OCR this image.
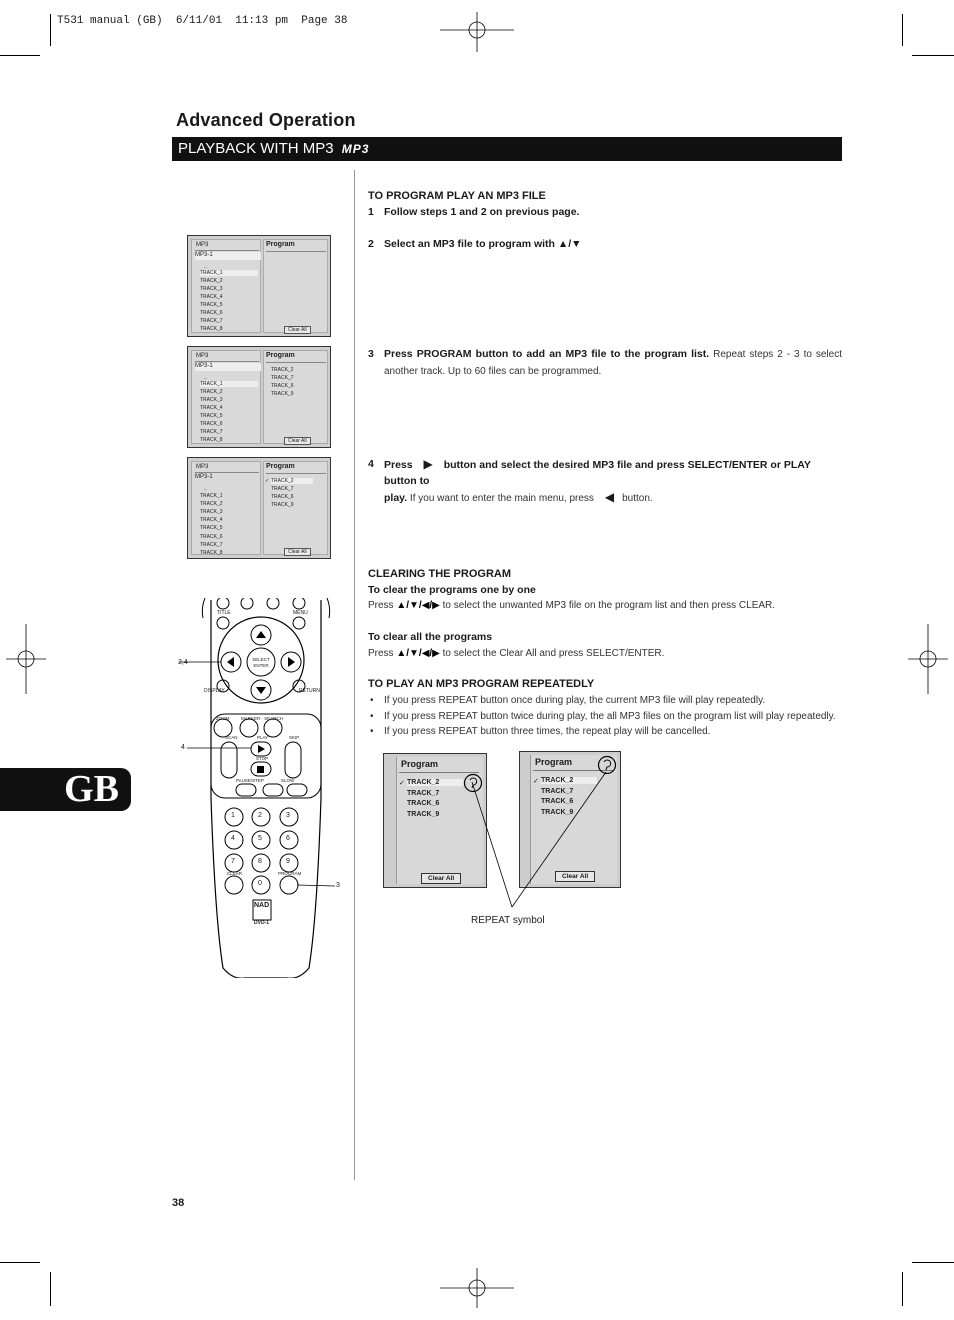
T531 manual (GB)  6/11/01  11:13 pm  Page 38
Advanced Operation
PLAYBACK WITH MP3 MP3
MP3
MP3-1
..
TRACK_1
TRACK_2
TRACK_3
TRACK_4
TRACK_5
TRACK_6
TRACK_7
TRACK_8
Program
Clear All
MP3
MP3-1
..
TRACK_1
TRACK_2
TRACK_3
TRACK_4
TRACK_5
TRACK_6
TRACK_7
TRACK_8
Program
TRACK_2
TRACK_7
TRACK_6
TRACK_9
Clear All
MP3
MP3-1
..
TRACK_1
TRACK_2
TRACK_3
TRACK_4
TRACK_5
TRACK_6
TRACK_7
TRACK_8
Program
✓ TRACK_2
TRACK_7
TRACK_6
TRACK_9
Clear All
TITLE	MENU
SELECT ENTER
DISPLAY	RETURN
ZOOM	MARKER - SEARCH
SCAN	PLAY	SKIP
STOP
PAUSE/STEP	SLOW
1	2	3
4	5	6
7	8	9
0
CLEAR	PROGRAM
NAD
DVD-1
2,4
4
3
TO PROGRAM PLAY AN MP3 FILE
1 Follow steps 1 and 2 on previous page.
2 Select an MP3 file to program with ▲/▼
3 Press PROGRAM button to add an MP3 file to the program list. Repeat steps 2 - 3 to select another track. Up to 60 files can be programmed.
4 Press ▶ button and select the desired MP3 file and press SELECT/ENTER or PLAY button to
play. If you want to enter the main menu, press ◀ button.
CLEARING THE PROGRAM
To clear the programs one by one
Press ▲/▼/◀/▶ to select the unwanted MP3 file on the program list and then press CLEAR.
To clear all the programs
Press ▲/▼/◀/▶ to select the Clear All and press SELECT/ENTER.
TO PLAY AN MP3 PROGRAM REPEATEDLY
• If you press REPEAT button once during play, the current MP3 file will play repeatedly.
• If you press REPEAT button twice during play, the all MP3 files on the program list will play repeatedly.
• If you press REPEAT button three times, the repeat play will be cancelled.
Program
✓ TRACK_2
TRACK_7
TRACK_6
TRACK_9
Clear All
Program
✓ TRACK_2
TRACK_7
TRACK_6
TRACK_9
Clear All
REPEAT symbol
GB
38
